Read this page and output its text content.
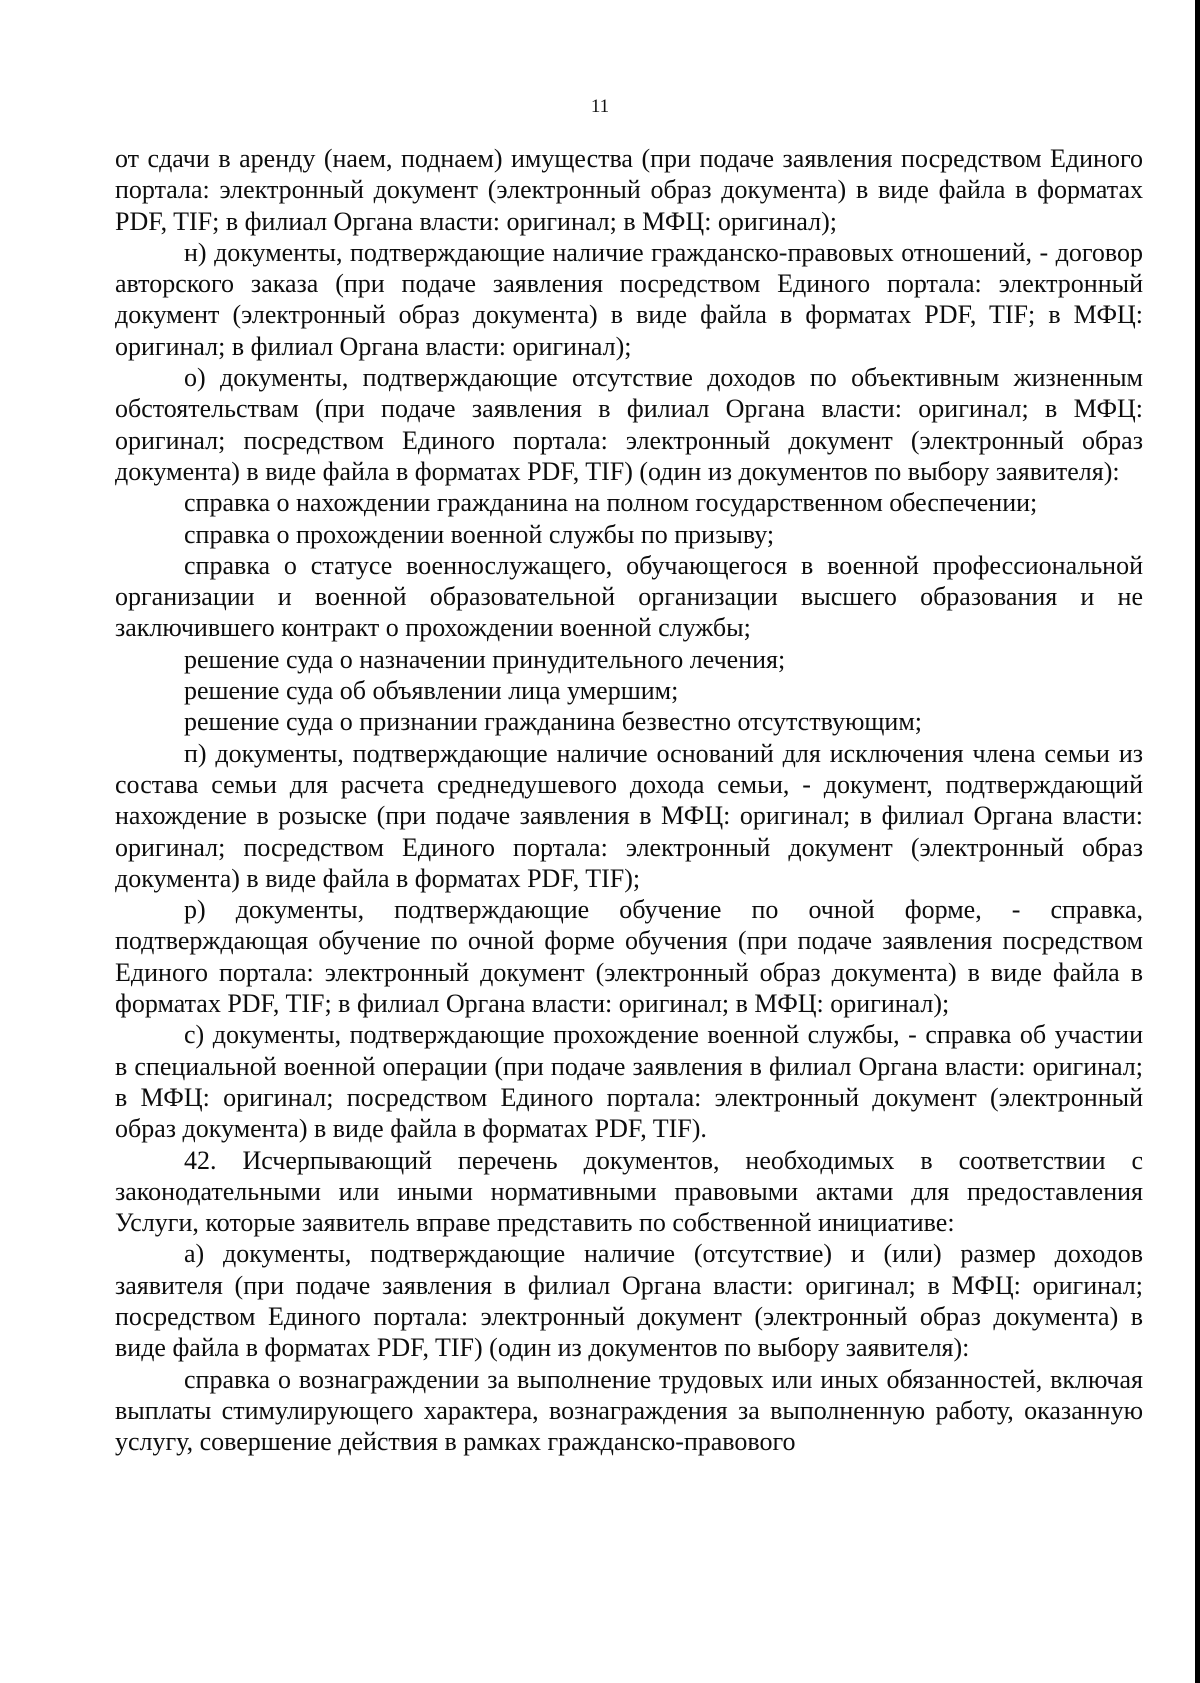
11

от сдачи в аренду (наем, поднаем) имущества (при подаче заявления посредством Единого портала: электронный документ (электронный образ документа) в виде файла в форматах PDF, TIF; в филиал Органа власти: оригинал; в МФЦ: оригинал);

н) документы, подтверждающие наличие гражданско-правовых отношений, - договор авторского заказа (при подаче заявления посредством Единого портала: электронный документ (электронный образ документа) в виде файла в форматах PDF, TIF; в МФЦ: оригинал; в филиал Органа власти: оригинал);

о) документы, подтверждающие отсутствие доходов по объективным жизненным обстоятельствам (при подаче заявления в филиал Органа власти: оригинал; в МФЦ: оригинал; посредством Единого портала: электронный документ (электронный образ документа) в виде файла в форматах PDF, TIF) (один из документов по выбору заявителя):

справка о нахождении гражданина на полном государственном обеспечении;

справка о прохождении военной службы по призыву;

справка о статусе военнослужащего, обучающегося в военной профессиональной организации и военной образовательной организации высшего образования и не заключившего контракт о прохождении военной службы;

решение суда о назначении принудительного лечения;

решение суда об объявлении лица умершим;

решение суда о признании гражданина безвестно отсутствующим;

п) документы, подтверждающие наличие оснований для исключения члена семьи из состава семьи для расчета среднедушевого дохода семьи, - документ, подтверждающий нахождение в розыске (при подаче заявления в МФЦ: оригинал; в филиал Органа власти: оригинал; посредством Единого портала: электронный документ (электронный образ документа) в виде файла в форматах PDF, TIF);

р) документы, подтверждающие обучение по очной форме, - справка, подтверждающая обучение по очной форме обучения (при подаче заявления посредством Единого портала: электронный документ (электронный образ документа) в виде файла в форматах PDF, TIF; в филиал Органа власти: оригинал; в МФЦ: оригинал);

с) документы, подтверждающие прохождение военной службы, - справка об участии в специальной военной операции (при подаче заявления в филиал Органа власти: оригинал; в МФЦ: оригинал; посредством Единого портала: электронный документ (электронный образ документа) в виде файла в форматах PDF, TIF).

42. Исчерпывающий перечень документов, необходимых в соответствии с законодательными или иными нормативными правовыми актами для предоставления Услуги, которые заявитель вправе представить по собственной инициативе:

а) документы, подтверждающие наличие (отсутствие) и (или) размер доходов заявителя (при подаче заявления в филиал Органа власти: оригинал; в МФЦ: оригинал; посредством Единого портала: электронный документ (электронный образ документа) в виде файла в форматах PDF, TIF) (один из документов по выбору заявителя):

справка о вознаграждении за выполнение трудовых или иных обязанностей, включая выплаты стимулирующего характера, вознаграждения за выполненную работу, оказанную услугу, совершение действия в рамках гражданско-правового
